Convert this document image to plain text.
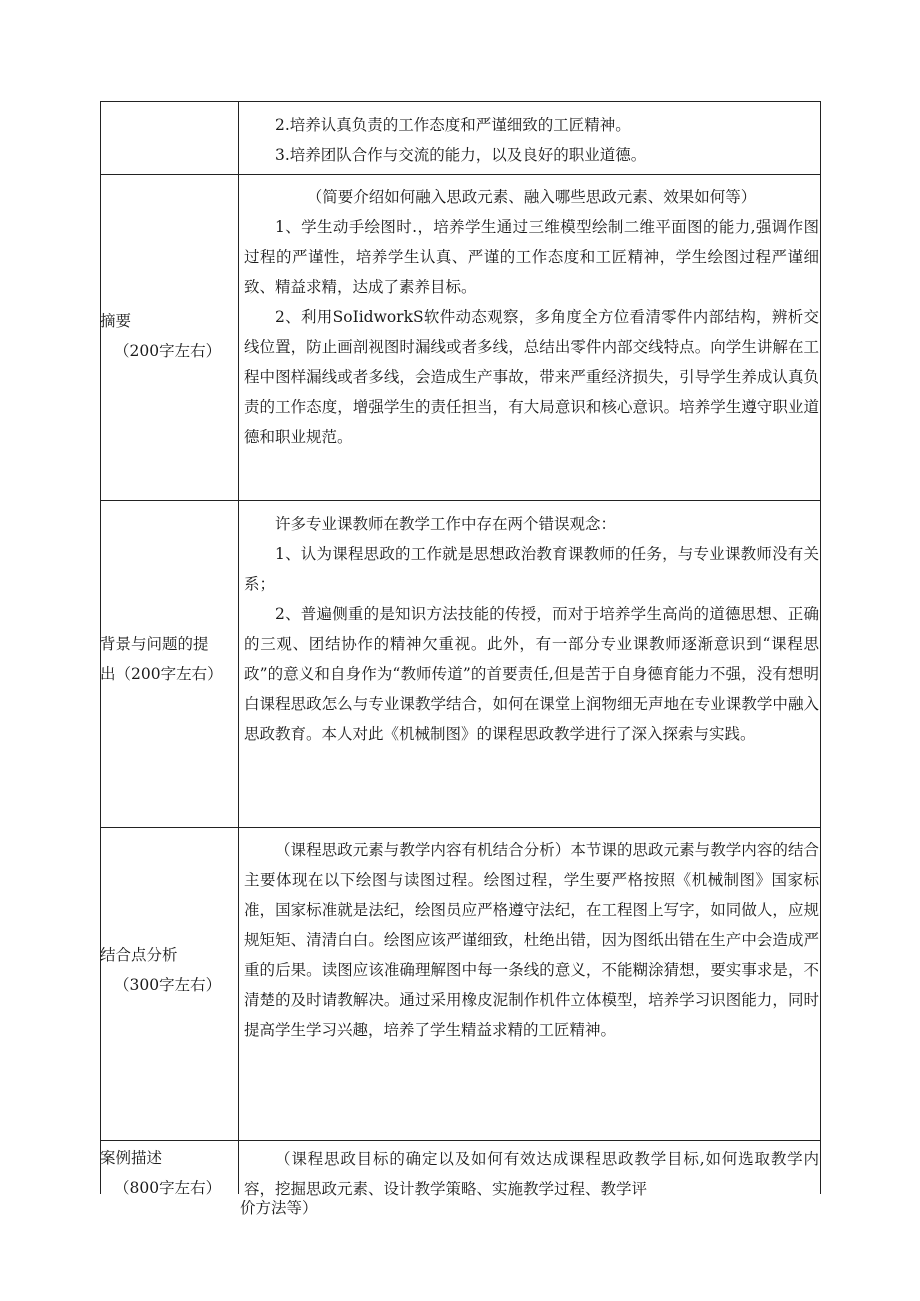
2.培养认真负责的工作态度和严谨细致的工匠精神。

3.培养团队合作与交流的能力，以及良好的职业道德。

摘要
（200字左右）

（简要介绍如何融入思政元素、融入哪些思政元素、效果如何等）

1、学生动手绘图时.，培养学生通过三维模型绘制二维平面图的能力,强调作图过程的严谨性，培养学生认真、严谨的工作态度和工匠精神，学生绘图过程严谨细致、精益求精，达成了素养目标。

2、利用SoIidworkS软件动态观察，多角度全方位看清零件内部结构，辨析交线位置，防止画剖视图时漏线或者多线，总结出零件内部交线特点。向学生讲解在工程中图样漏线或者多线，会造成生产事故，带来严重经济损失，引导学生养成认真负责的工作态度，增强学生的责任担当，有大局意识和核心意识。培养学生遵守职业道德和职业规范。

背景与问题的提
出（200字左右）

许多专业课教师在教学工作中存在两个错误观念：

1、认为课程思政的工作就是思想政治教育课教师的任务，与专业课教师没有关系；

2、普遍侧重的是知识方法技能的传授，而对于培养学生高尚的道德思想、正确的三观、团结协作的精神欠重视。此外，有一部分专业课教师逐渐意识到“课程思政”的意义和自身作为“教师传道”的首要责任,但是苦于自身德育能力不强，没有想明白课程思政怎么与专业课教学结合，如何在课堂上润物细无声地在专业课教学中融入思政教育。本人对此《机械制图》的课程思政教学进行了深入探索与实践。

结合点分析
（300字左右）

（课程思政元素与教学内容有机结合分析）本节课的思政元素与教学内容的结合主要体现在以下绘图与读图过程。绘图过程，学生要严格按照《机械制图》国家标准，国家标准就是法纪，绘图员应严格遵守法纪，在工程图上写字，如同做人，应规规矩矩、清清白白。绘图应该严谨细致，杜绝出错，因为图纸出错在生产中会造成严重的后果。读图应该准确理解图中每一条线的意义，不能糊涂猜想，要实事求是，不清楚的及时请教解决。通过采用橡皮泥制作机件立体模型，培养学习识图能力，同时提高学生学习兴趣，培养了学生精益求精的工匠精神。

案例描述
（800字左右）

（课程思政目标的确定以及如何有效达成课程思政教学目标,如何选取教学内容，挖掘思政元素、设计教学策略、实施教学过程、教学评

价方法等）
